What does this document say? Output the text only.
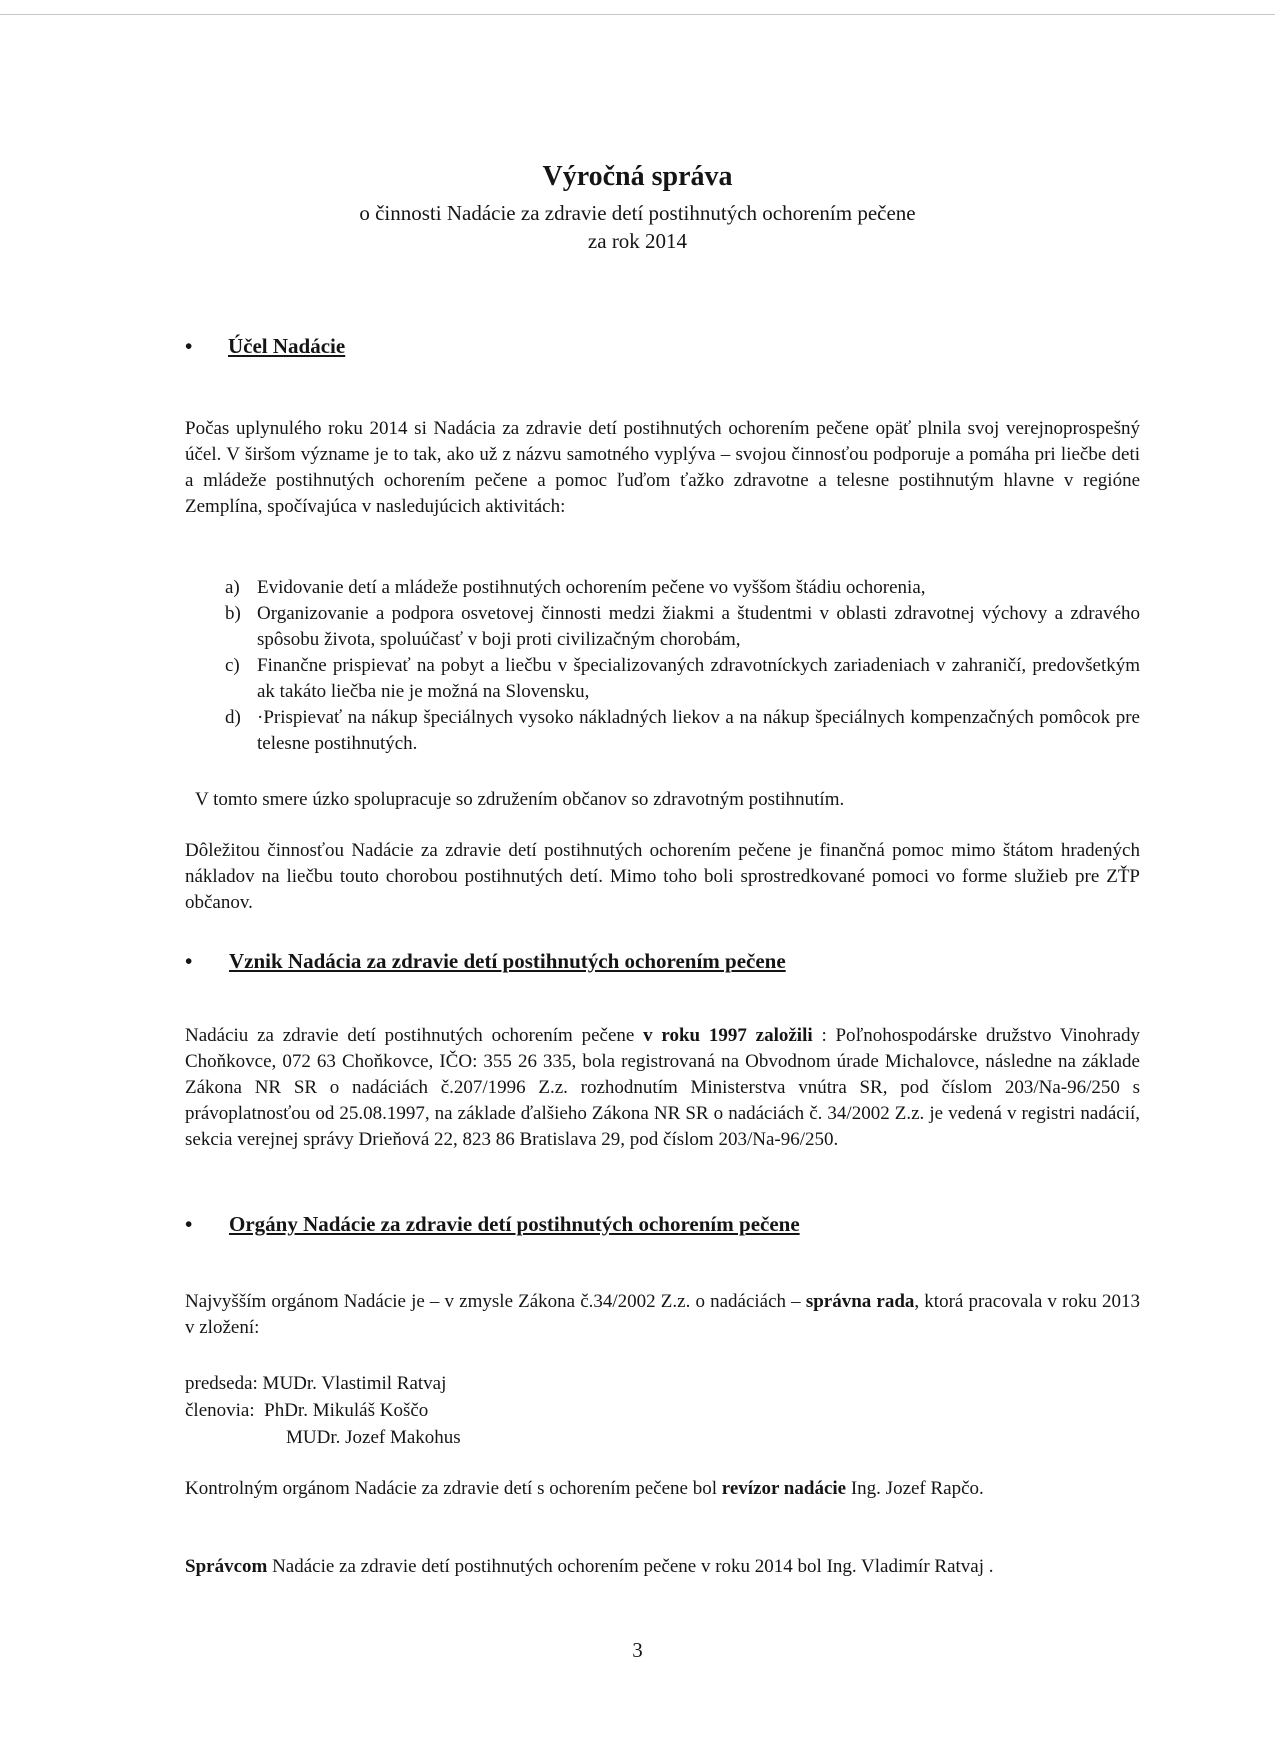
Výročná správa
o činnosti Nadácie za zdravie detí postihnutých ochorením pečene
za rok 2014
• Účel Nadácie
Počas uplynulého roku 2014 si Nadácia za zdravie detí postihnutých ochorením pečene opäť plnila svoj verejnoprospešný účel. V širšom význame je to tak, ako už z názvu samotného vyplýva – svojou činnosťou podporuje a pomáha pri liečbe deti a mládeže postihnutých ochorením pečene a pomoc ľuďom ťažko zdravotne a telesne postihnutým hlavne v regióne Zemplína, spočívajúca v nasledujúcich aktivitách:
a) Evidovanie detí a mládeže postihnutých ochorením pečene vo vyššom štádiu ochorenia,
b) Organizovanie a podpora osvetovej činnosti medzi žiakmi a študentmi v oblasti zdravotnej výchovy a zdravého spôsobu života, spoluúčasť v boji proti civilizačným chorobám,
c) Finančne prispievať na pobyt a liečbu v špecializovaných zdravotníckych zariadeniach v zahraničí, predovšetkým ak takáto liečba nie je možná na Slovensku,
d) ·Prispievať na nákup špeciálnych vysoko nákladných liekov a na nákup špeciálnych kompenzačných pomôcok pre telesne postihnutých.
V tomto smere úzko spolupracuje so združením občanov so zdravotným postihnutím.
Dôležitou činnosťou Nadácie za zdravie detí postihnutých ochorením pečene je finančná pomoc mimo štátom hradených nákladov na liečbu touto chorobou postihnutých detí. Mimo toho boli sprostredkované pomoci vo forme služieb pre ZŤP občanov.
• Vznik Nadácia za zdravie detí postihnutých ochorením pečene
Nadáciu za zdravie detí postihnutých ochorením pečene v roku 1997 založili : Poľnohospodárske družstvo Vinohrady Choňkovce, 072 63 Choňkovce, IČO: 355 26 335, bola registrovaná na Obvodnom úrade Michalovce, následne na základe Zákona NR SR o nadáciách č.207/1996 Z.z. rozhodnutím Ministerstva vnútra SR, pod číslom 203/Na-96/250 s právoplatnosťou od 25.08.1997, na základe ďalšieho Zákona NR SR o nadáciách č. 34/2002 Z.z. je vedená v registri nadácií, sekcia verejnej správy Drieňová 22, 823 86 Bratislava 29, pod číslom 203/Na-96/250.
• Orgány Nadácie za zdravie detí postihnutých ochorením pečene
Najvyšším orgánom Nadácie je – v zmysle Zákona č.34/2002 Z.z. o nadáciách – správna rada, ktorá pracovala v roku 2013 v zložení:
predseda: MUDr. Vlastimil Ratvaj
členovia:  PhDr. Mikuláš Koščo
MUDr. Jozef Makohus
Kontrolným orgánom Nadácie za zdravie detí s ochorením pečene bol revízor nadácie Ing. Jozef Rapčo.
Správcom Nadácie za zdravie detí postihnutých ochorením pečene v roku 2014 bol Ing. Vladimír Ratvaj .
3
